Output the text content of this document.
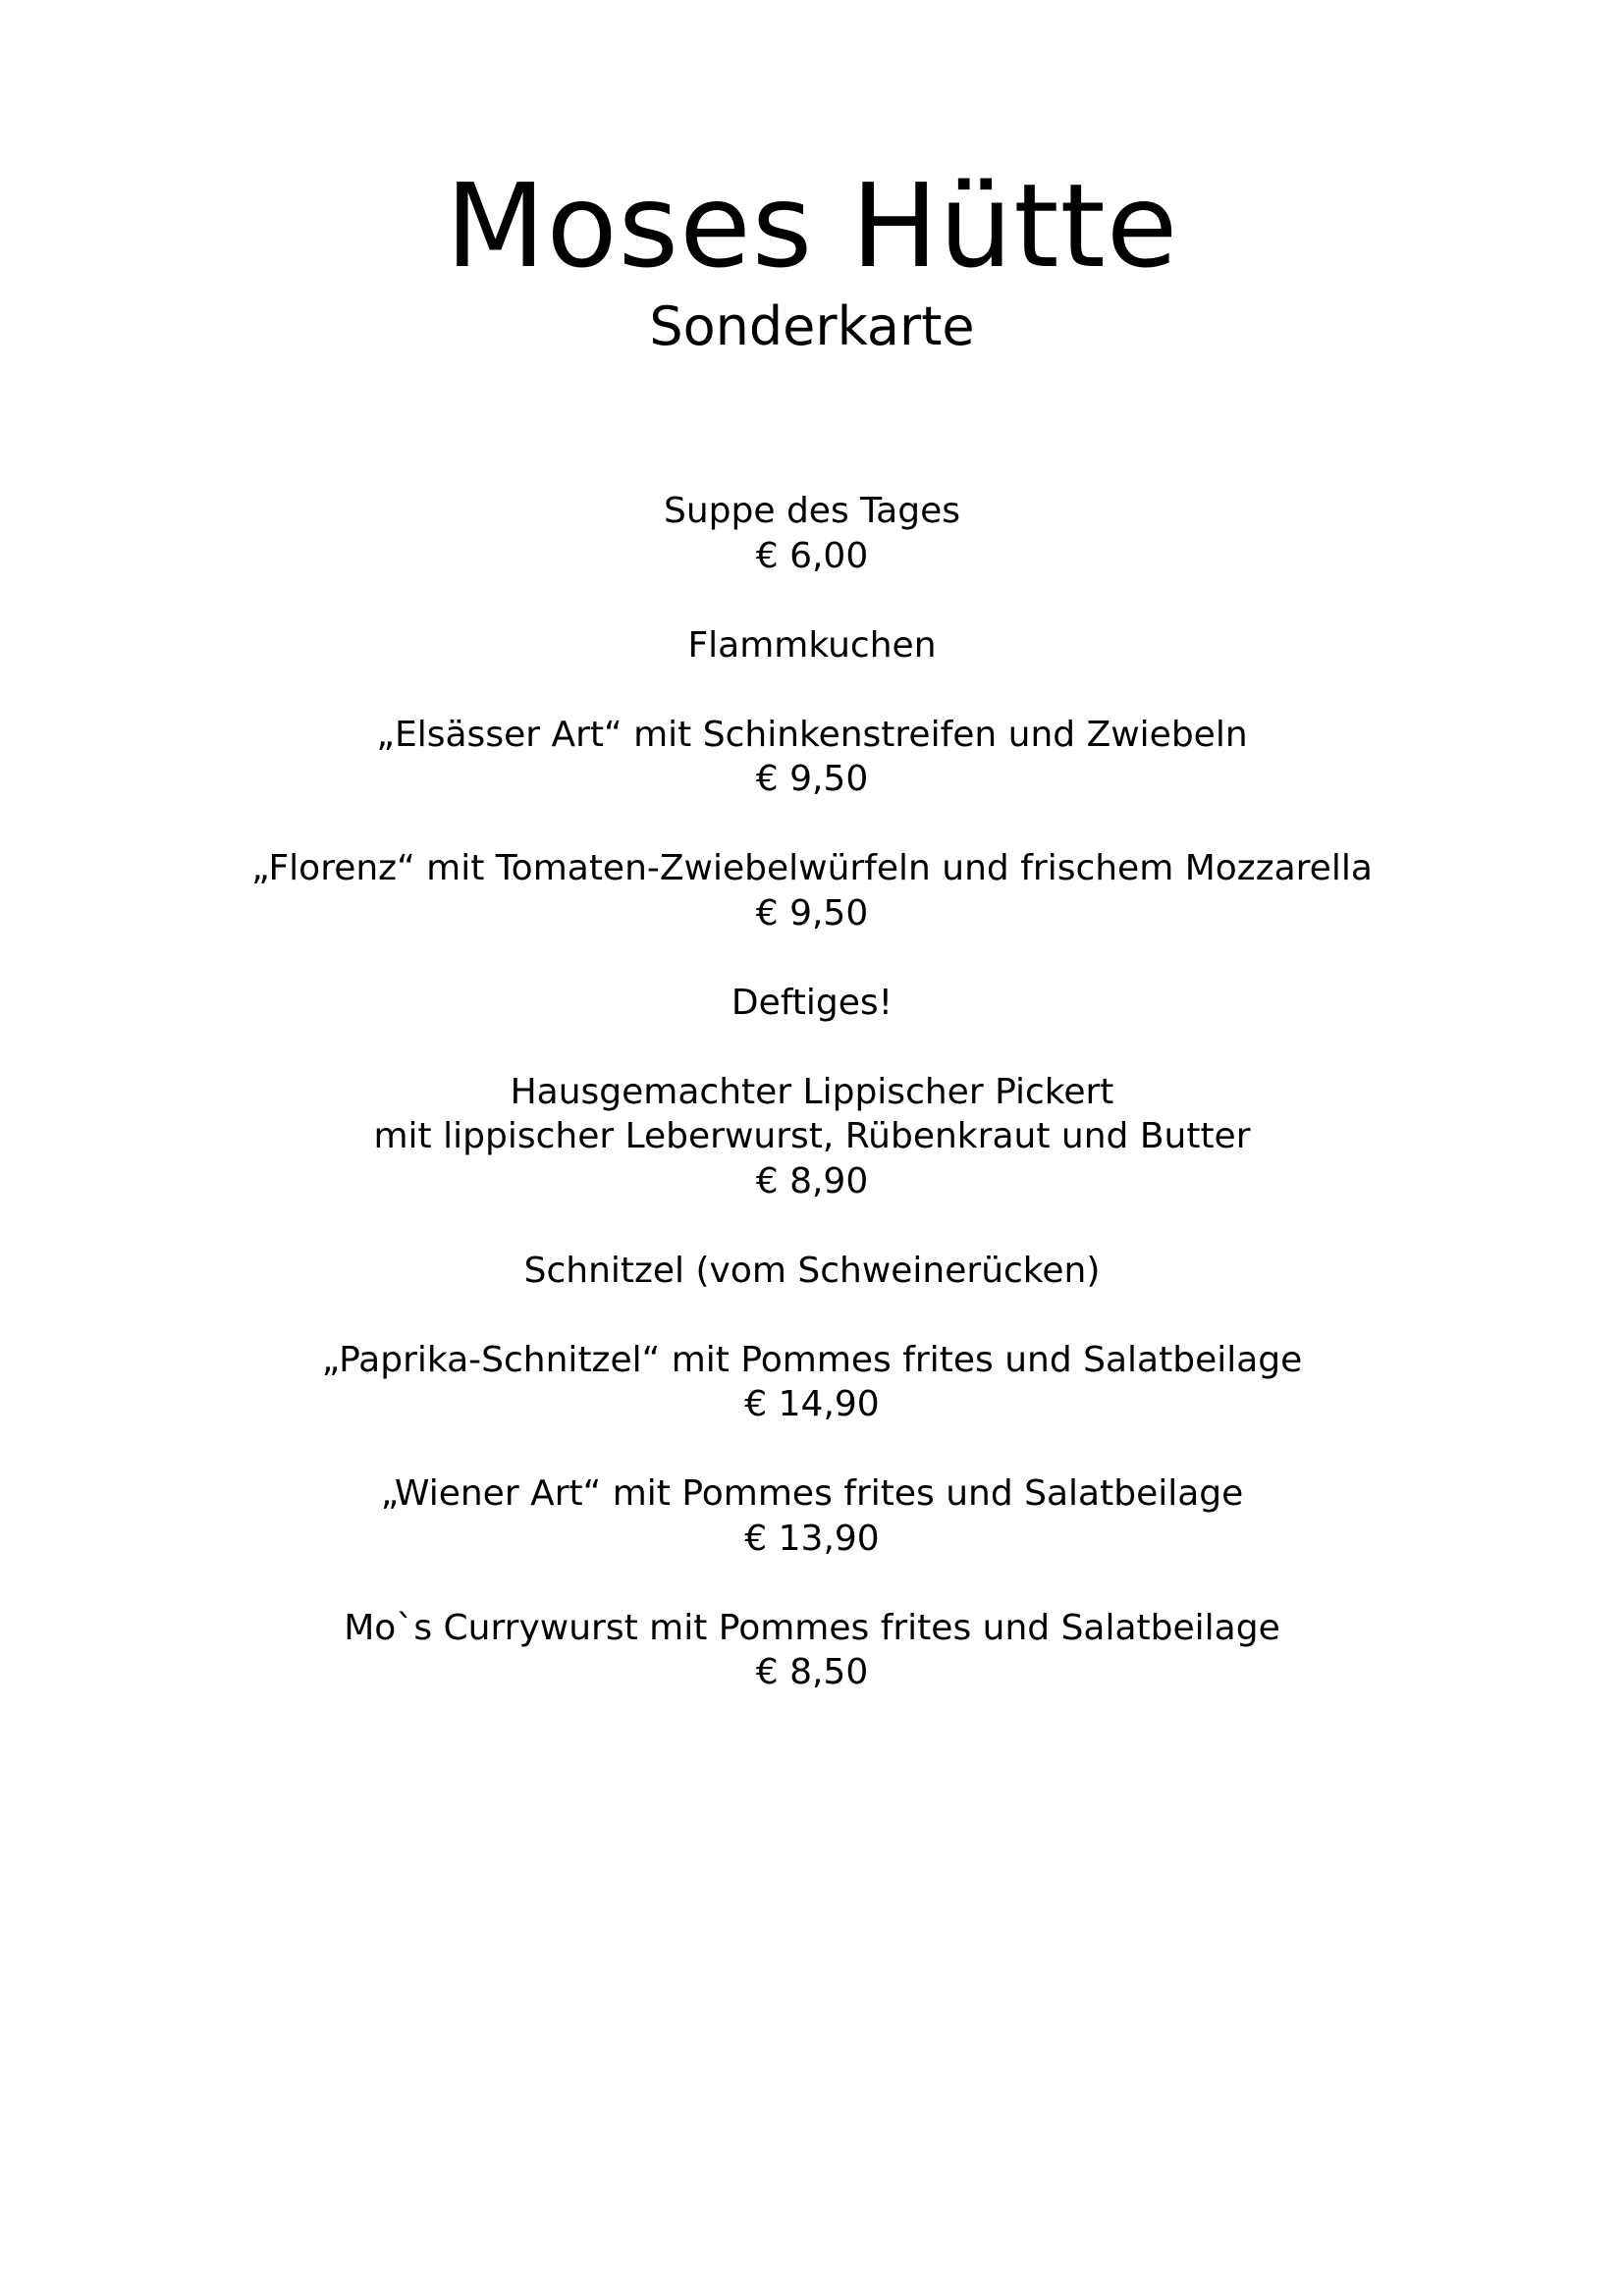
Moses Hütte
Sonderkarte
Suppe des Tages
€ 6,00
Flammkuchen
„Elsässer Art“ mit Schinkenstreifen und Zwiebeln
€ 9,50
„Florenz“ mit Tomaten-Zwiebelwürfeln und frischem Mozzarella
€ 9,50
Deftiges!
Hausgemachter Lippischer Pickert
mit lippischer Leberwurst, Rübenkraut und Butter
€ 8,90
Schnitzel (vom Schweinerücken)
„Paprika-Schnitzel“ mit Pommes frites und Salatbeilage
€ 14,90
„Wiener Art“ mit Pommes frites und Salatbeilage
€ 13,90
Mo`s Currywurst mit Pommes frites und Salatbeilage
€ 8,50
